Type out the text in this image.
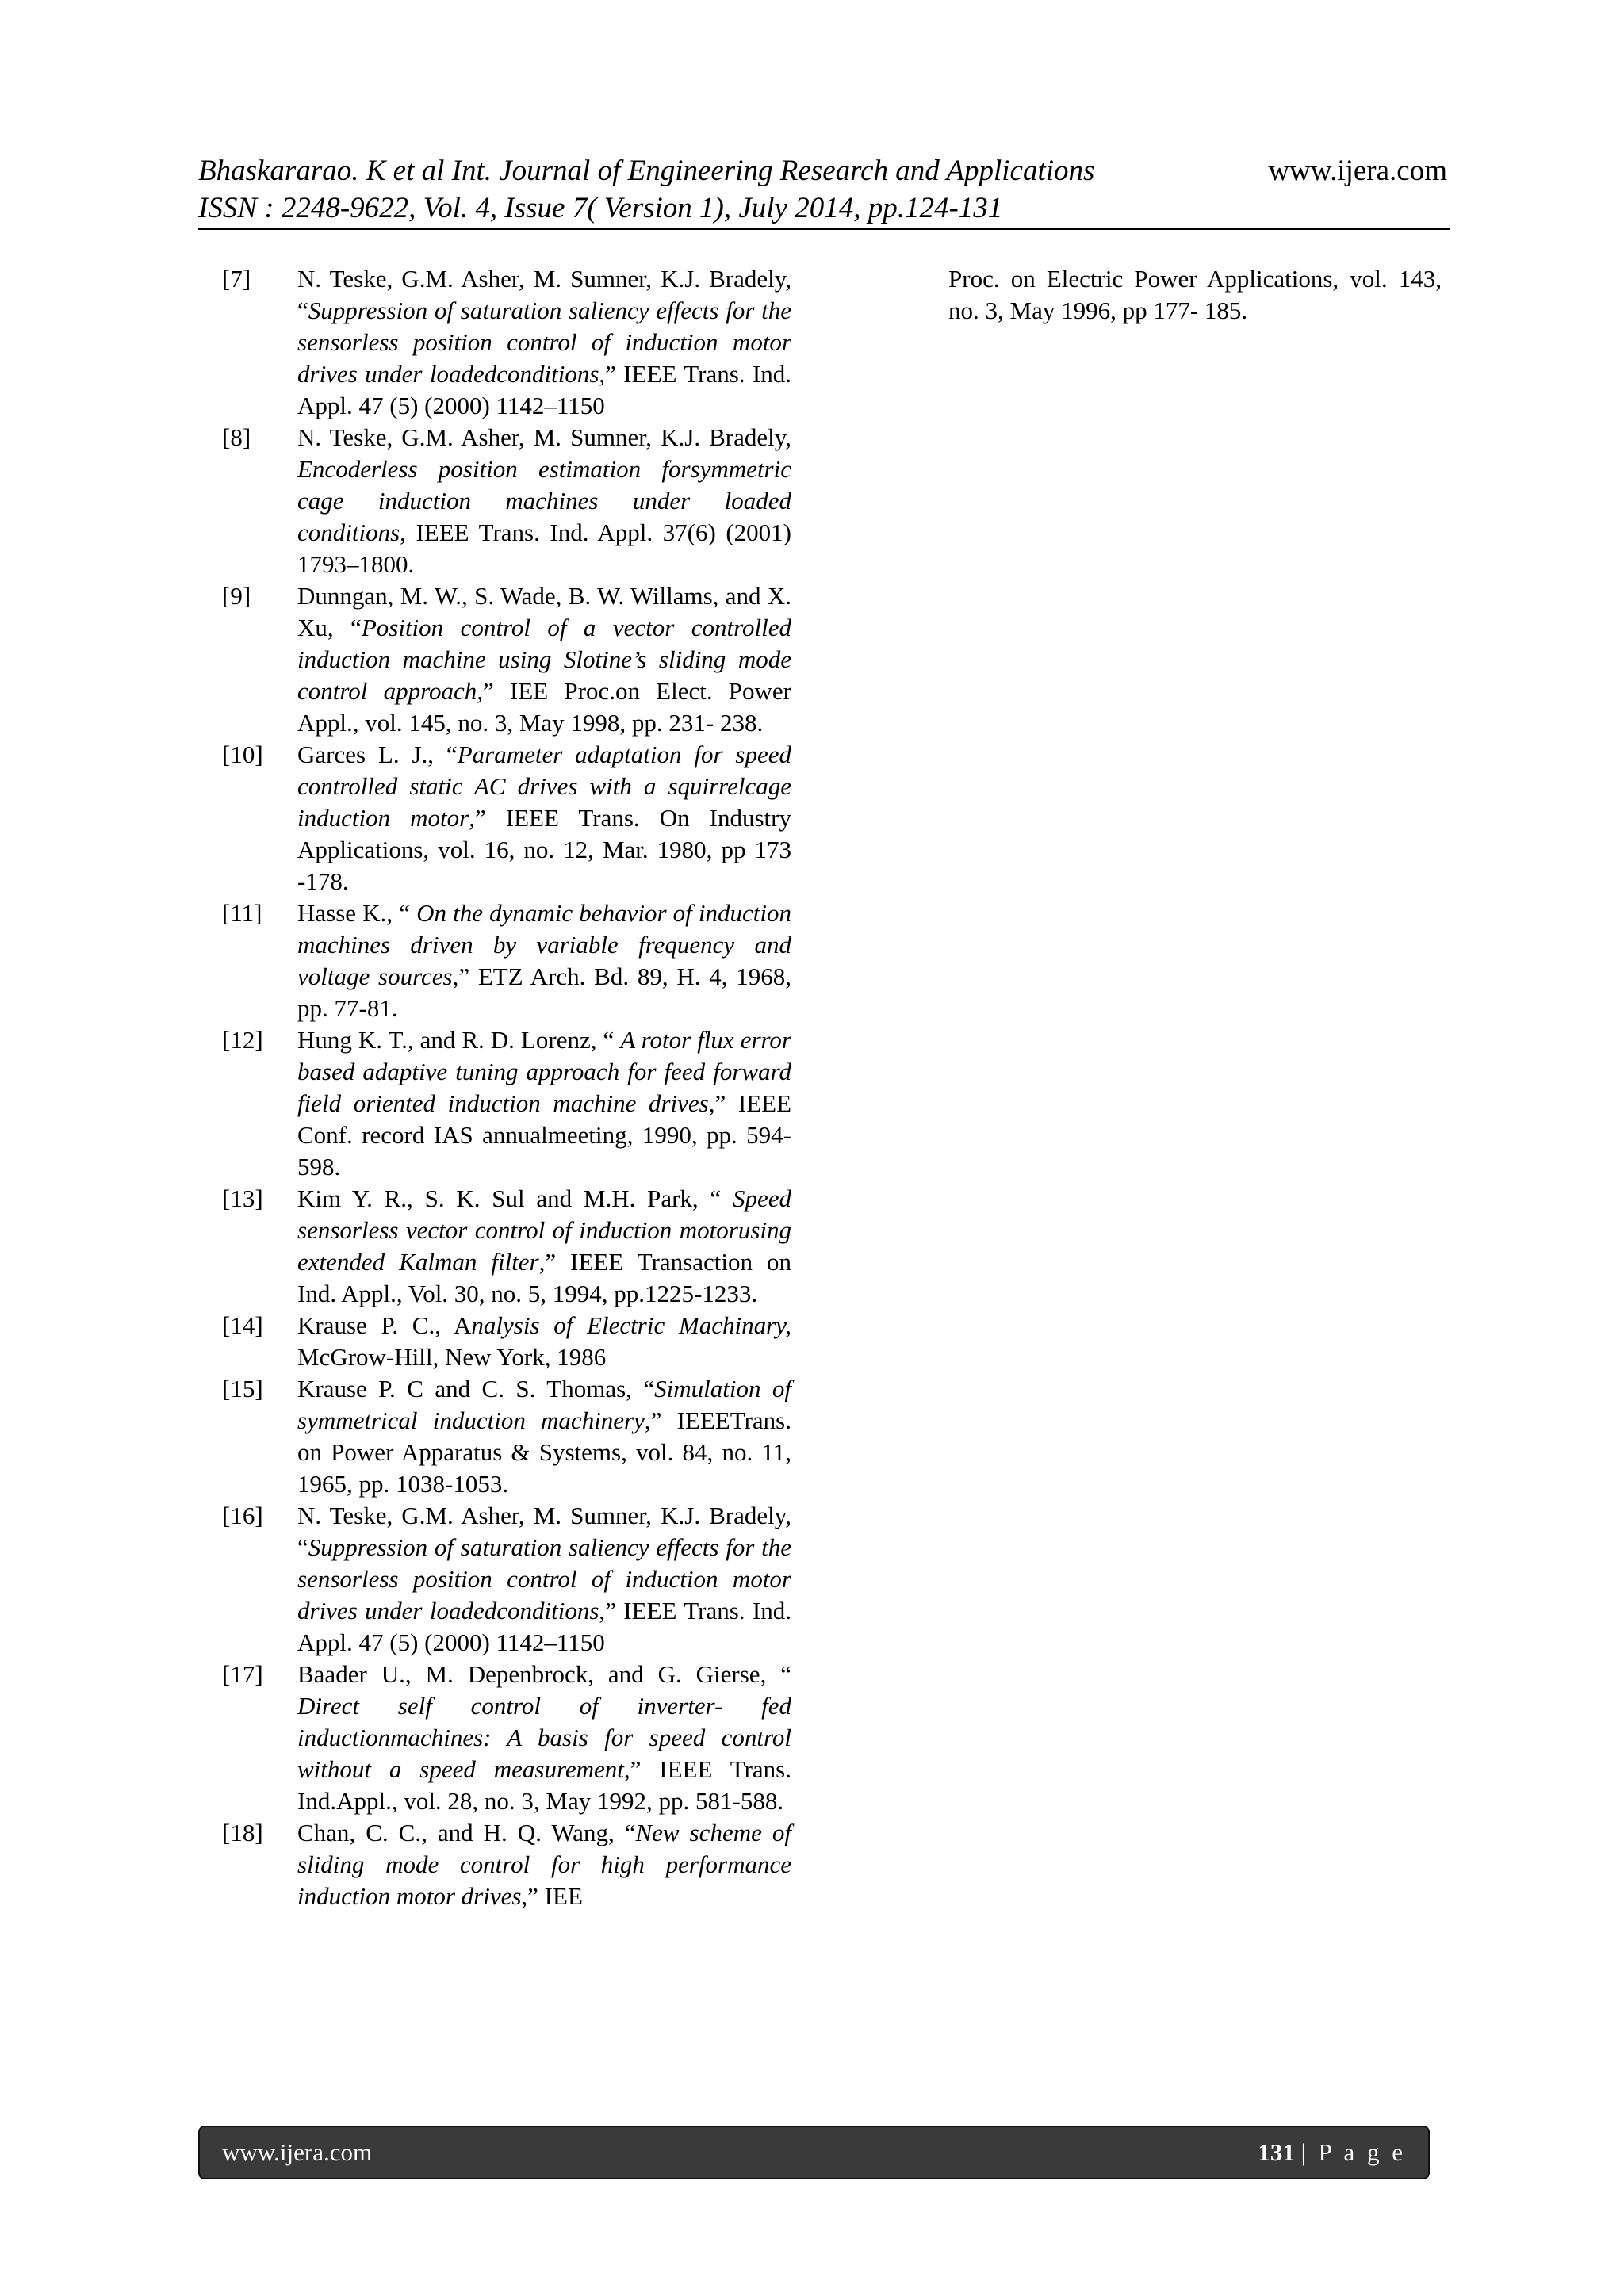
Bhaskararao. K et al Int. Journal of Engineering Research and Applications	www.ijera.com
ISSN : 2248-9622, Vol. 4, Issue 7( Version 1), July 2014, pp.124-131
[7]	N. Teske, G.M. Asher, M. Sumner, K.J. Bradely, “Suppression of saturation saliency effects for the sensorless position control of induction motor drives under loadedconditions,” IEEE Trans. Ind. Appl. 47 (5) (2000) 1142–1150
[8]	N. Teske, G.M. Asher, M. Sumner, K.J. Bradely, Encoderless position estimation forsymmetric cage induction machines under loaded conditions, IEEE Trans. Ind. Appl. 37(6) (2001) 1793–1800.
[9]	Dunngan, M. W., S. Wade, B. W. Willams, and X. Xu, “Position control of a vector controlled induction machine using Slotine’s sliding mode control approach,” IEE Proc.on Elect. Power Appl., vol. 145, no. 3, May 1998, pp. 231- 238.
[10]	Garces L. J., “Parameter adaptation for speed controlled static AC drives with a squirrelcage induction motor,” IEEE Trans. On Industry Applications, vol. 16, no. 12, Mar. 1980, pp 173 -178.
[11]	Hasse K., “ On the dynamic behavior of induction machines driven by variable frequency and voltage sources,” ETZ Arch. Bd. 89, H. 4, 1968, pp. 77-81.
[12]	Hung K. T., and R. D. Lorenz, “ A rotor flux error based adaptive tuning approach for feed forward field oriented induction machine drives,” IEEE Conf. record IAS annualmeeting, 1990, pp. 594-598.
[13]	Kim Y. R., S. K. Sul and M.H. Park, “ Speed sensorless vector control of induction motorusing extended Kalman filter,” IEEE Transaction on Ind. Appl., Vol. 30, no. 5, 1994, pp.1225-1233.
[14]	Krause P. C., Analysis of Electric Machinary, McGrow-Hill, New York, 1986
[15]	Krause P. C and C. S. Thomas, “Simulation of symmetrical induction machinery,” IEEETrans. on Power Apparatus & Systems, vol. 84, no. 11, 1965, pp. 1038-1053.
[16]	N. Teske, G.M. Asher, M. Sumner, K.J. Bradely, “Suppression of saturation saliency effects for the sensorless position control of induction motor drives under loadedconditions,” IEEE Trans. Ind. Appl. 47 (5) (2000) 1142–1150
[17]	Baader U., M. Depenbrock, and G. Gierse, “ Direct self control of inverter- fed inductionmachines: A basis for speed control without a speed measurement,” IEEE Trans. Ind.Appl., vol. 28, no. 3, May 1992, pp. 581-588.
[18]	Chan, C. C., and H. Q. Wang, “New scheme of sliding mode control for high performance induction motor drives,” IEE
Proc. on Electric Power Applications, vol. 143, no. 3, May 1996, pp 177- 185.
www.ijera.com	131 | P a g e
